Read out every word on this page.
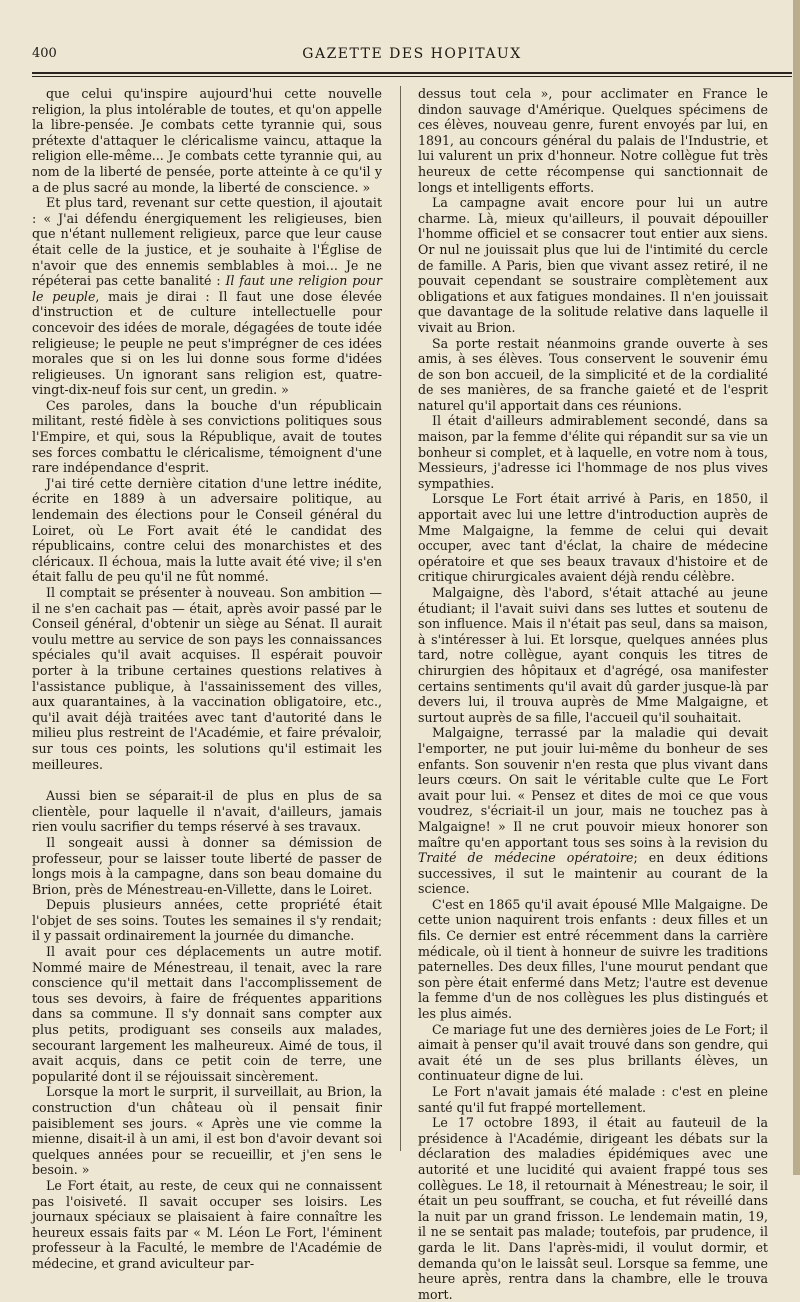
400	GAZETTE DES HOPITAUX

que celui qu'inspire aujourd'hui cette nouvelle religion, la plus intolérable de toutes, et qu'on appelle la libre-pensée. Je combats cette tyrannie qui, sous prétexte d'attaquer le cléricalisme vaincu, attaque la religion elle-même... Je combats cette tyrannie qui, au nom de la liberté de pensée, porte atteinte à ce qu'il y a de plus sacré au monde, la liberté de conscience. »

Et plus tard, revenant sur cette question, il ajoutait : « J'ai défendu énergiquement les religieuses, bien que n'étant nullement religieux, parce que leur cause était celle de la justice, et je souhaite à l'Église de n'avoir que des ennemis semblables à moi... Je ne répéterai pas cette banalité : Il faut une religion pour le peuple, mais je dirai : Il faut une dose élevée d'instruction et de culture intellectuelle pour concevoir des idées de morale, dégagées de toute idée religieuse; le peuple ne peut s'imprégner de ces idées morales que si on les lui donne sous forme d'idées religieuses. Un ignorant sans religion est, quatre-vingt-dix-neuf fois sur cent, un gredin. »

Ces paroles, dans la bouche d'un républicain militant, resté fidèle à ses convictions politiques sous l'Empire, et qui, sous la République, avait de toutes ses forces combattu le cléricalisme, témoignent d'une rare indépendance d'esprit.

J'ai tiré cette dernière citation d'une lettre inédite, écrite en 1889 à un adversaire politique, au lendemain des élections pour le Conseil général du Loiret, où Le Fort avait été le candidat des républicains, contre celui des monarchistes et des cléricaux. Il échoua, mais la lutte avait été vive; il s'en était fallu de peu qu'il ne fût nommé.

Il comptait se présenter à nouveau. Son ambition — il ne s'en cachait pas — était, après avoir passé par le Conseil général, d'obtenir un siège au Sénat. Il aurait voulu mettre au service de son pays les connaissances spéciales qu'il avait acquises. Il espérait pouvoir porter à la tribune certaines questions relatives à l'assistance publique, à l'assainissement des villes, aux quarantaines, à la vaccination obligatoire, etc., qu'il avait déjà traitées avec tant d'autorité dans le milieu plus restreint de l'Académie, et faire prévaloir, sur tous ces points, les solutions qu'il estimait les meilleures.

Aussi bien se séparait-il de plus en plus de sa clientèle, pour laquelle il n'avait, d'ailleurs, jamais rien voulu sacrifier du temps réservé à ses travaux.

Il songeait aussi à donner sa démission de professeur, pour se laisser toute liberté de passer de longs mois à la campagne, dans son beau domaine du Brion, près de Ménestreau-en-Villette, dans le Loiret.

Depuis plusieurs années, cette propriété était l'objet de ses soins. Toutes les semaines il s'y rendait; il y passait ordinairement la journée du dimanche.

Il avait pour ces déplacements un autre motif. Nommé maire de Ménestreau, il tenait, avec la rare conscience qu'il mettait dans l'accomplissement de tous ses devoirs, à faire de fréquentes apparitions dans sa commune. Il s'y donnait sans compter aux plus petits, prodiguant ses conseils aux malades, secourant largement les malheureux. Aimé de tous, il avait acquis, dans ce petit coin de terre, une popularité dont il se réjouissait sincèrement.

Lorsque la mort le surprit, il surveillait, au Brion, la construction d'un château où il pensait finir paisiblement ses jours. « Après une vie comme la mienne, disait-il à un ami, il est bon d'avoir devant soi quelques années pour se recueillir, et j'en sens le besoin. »

Le Fort était, au reste, de ceux qui ne connaissent pas l'oisiveté. Il savait occuper ses loisirs. Les journaux spéciaux se plaisaient à faire connaître les heureux essais faits par « M. Léon Le Fort, l'éminent professeur à la Faculté, le membre de l'Académie de médecine, et grand aviculteur par-

dessus tout cela », pour acclimater en France le dindon sauvage d'Amérique. Quelques spécimens de ces élèves, nouveau genre, furent envoyés par lui, en 1891, au concours général du palais de l'Industrie, et lui valurent un prix d'honneur. Notre collègue fut très heureux de cette récompense qui sanctionnait de longs et intelligents efforts.

La campagne avait encore pour lui un autre charme. Là, mieux qu'ailleurs, il pouvait dépouiller l'homme officiel et se consacrer tout entier aux siens. Or nul ne jouissait plus que lui de l'intimité du cercle de famille. A Paris, bien que vivant assez retiré, il ne pouvait cependant se soustraire complètement aux obligations et aux fatigues mondaines. Il n'en jouissait que davantage de la solitude relative dans laquelle il vivait au Brion.

Sa porte restait néanmoins grande ouverte à ses amis, à ses élèves. Tous conservent le souvenir ému de son bon accueil, de la simplicité et de la cordialité de ses manières, de sa franche gaieté et de l'esprit naturel qu'il apportait dans ces réunions.

Il était d'ailleurs admirablement secondé, dans sa maison, par la femme d'élite qui répandit sur sa vie un bonheur si complet, et à laquelle, en votre nom à tous, Messieurs, j'adresse ici l'hommage de nos plus vives sympathies.

Lorsque Le Fort était arrivé à Paris, en 1850, il apportait avec lui une lettre d'introduction auprès de Mme Malgaigne, la femme de celui qui devait occuper, avec tant d'éclat, la chaire de médecine opératoire et que ses beaux travaux d'histoire et de critique chirurgicales avaient déjà rendu célèbre.

Malgaigne, dès l'abord, s'était attaché au jeune étudiant; il l'avait suivi dans ses luttes et soutenu de son influence. Mais il n'était pas seul, dans sa maison, à s'intéresser à lui. Et lorsque, quelques années plus tard, notre collègue, ayant conquis les titres de chirurgien des hôpitaux et d'agrégé, osa manifester certains sentiments qu'il avait dû garder jusque-là par devers lui, il trouva auprès de Mme Malgaigne, et surtout auprès de sa fille, l'accueil qu'il souhaitait.

Malgaigne, terrassé par la maladie qui devait l'emporter, ne put jouir lui-même du bonheur de ses enfants. Son souvenir n'en resta que plus vivant dans leurs cœurs. On sait le véritable culte que Le Fort avait pour lui. « Pensez et dites de moi ce que vous voudrez, s'écriait-il un jour, mais ne touchez pas à Malgaigne! » Il ne crut pouvoir mieux honorer son maître qu'en apportant tous ses soins à la revision du Traité de médecine opératoire; en deux éditions successives, il sut le maintenir au courant de la science.

C'est en 1865 qu'il avait épousé Mlle Malgaigne. De cette union naquirent trois enfants : deux filles et un fils. Ce dernier est entré récemment dans la carrière médicale, où il tient à honneur de suivre les traditions paternelles. Des deux filles, l'une mourut pendant que son père était enfermé dans Metz; l'autre est devenue la femme d'un de nos collègues les plus distingués et les plus aimés.

Ce mariage fut une des dernières joies de Le Fort; il aimait à penser qu'il avait trouvé dans son gendre, qui avait été un de ses plus brillants élèves, un continuateur digne de lui.

Le Fort n'avait jamais été malade : c'est en pleine santé qu'il fut frappé mortellement.

Le 17 octobre 1893, il était au fauteuil de la présidence à l'Académie, dirigeant les débats sur la déclaration des maladies épidémiques avec une autorité et une lucidité qui avaient frappé tous ses collègues. Le 18, il retournait à Ménestreau; le soir, il était un peu souffrant, se coucha, et fut réveillé dans la nuit par un grand frisson. Le lendemain matin, 19, il ne se sentait pas malade; toutefois, par prudence, il garda le lit. Dans l'après-midi, il voulut dormir, et demanda qu'on le laissât seul. Lorsque sa femme, une heure après, rentra dans la chambre, elle le trouva mort.
